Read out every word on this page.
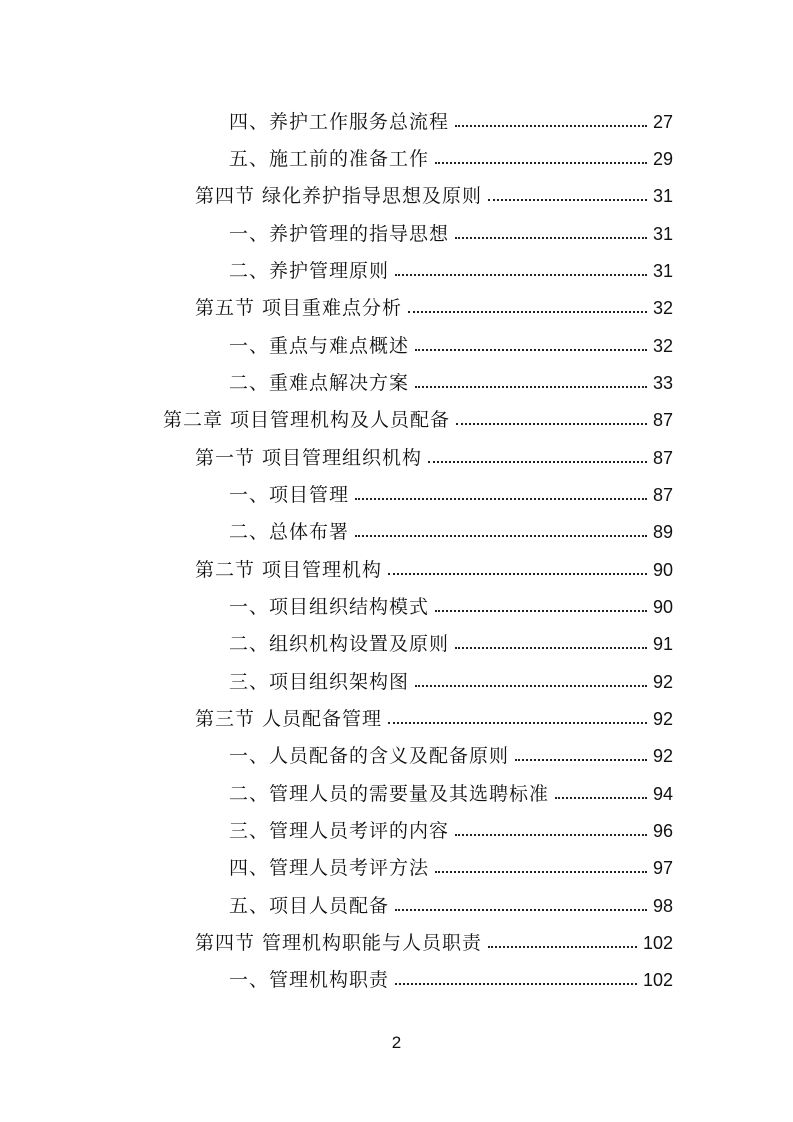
四、养护工作服务总流程	27
五、施工前的准备工作	29
第四节 绿化养护指导思想及原则	31
一、养护管理的指导思想	31
二、养护管理原则	31
第五节 项目重难点分析	32
一、重点与难点概述	32
二、重难点解决方案	33
第二章 项目管理机构及人员配备	87
第一节 项目管理组织机构	87
一、项目管理	87
二、总体布署	89
第二节 项目管理机构	90
一、项目组织结构模式	90
二、组织机构设置及原则	91
三、项目组织架构图	92
第三节 人员配备管理	92
一、人员配备的含义及配备原则	92
二、管理人员的需要量及其选聘标准	94
三、管理人员考评的内容	96
四、管理人员考评方法	97
五、项目人员配备	98
第四节 管理机构职能与人员职责	102
一、管理机构职责	102
2
